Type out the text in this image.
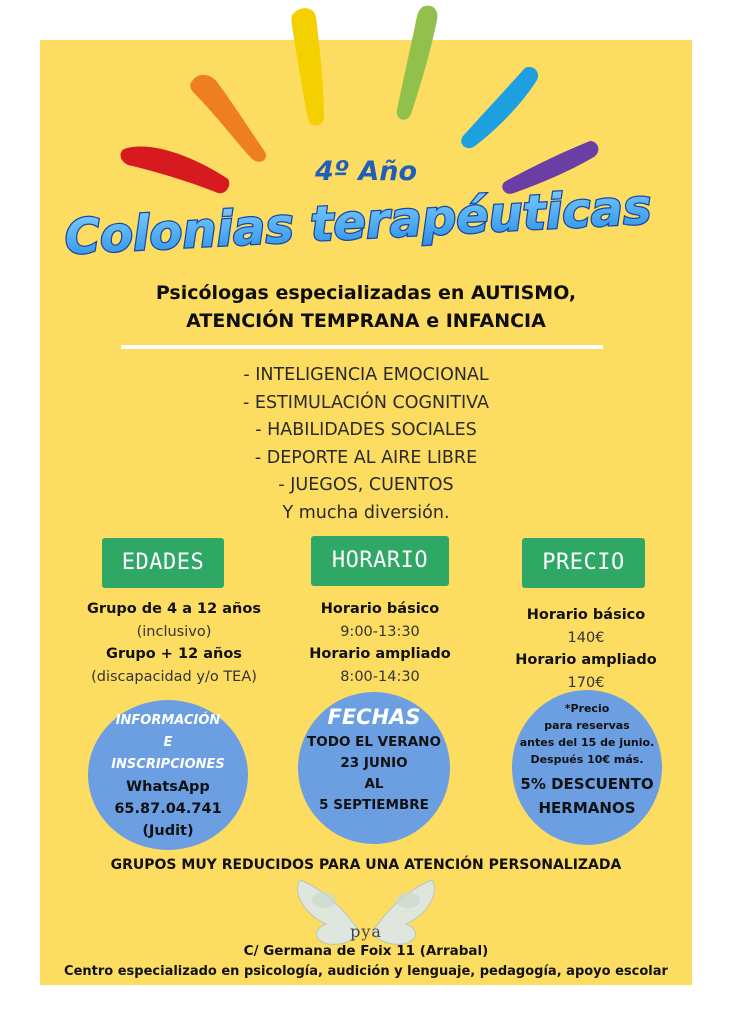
4º Año
Colonias terapéuticas
Psicólogas especializadas en AUTISMO,
ATENCIÓN TEMPRANA e INFANCIA
- INTELIGENCIA EMOCIONAL
- ESTIMULACIÓN COGNITIVA
- HABILIDADES SOCIALES
- DEPORTE AL AIRE LIBRE
- JUEGOS, CUENTOS
Y mucha diversión.
EDADES	HORARIO	PRECIO
Grupo de 4 a 12 años
(inclusivo)
Grupo + 12 años
(discapacidad y/o TEA)
Horario básico
9:00-13:30
Horario ampliado
8:00-14:30
Horario básico
140€
Horario ampliado
170€
INFORMACIÓN
E
INSCRIPCIONES
WhatsApp
65.87.04.741
(Judit)
FECHAS
TODO EL VERANO
23 JUNIO
AL
5 SEPTIEMBRE
*Precio
para reservas
antes del 15 de junio.
Después 10€ más.
5% DESCUENTO
HERMANOS
GRUPOS MUY REDUCIDOS PARA UNA ATENCIÓN PERSONALIZADA
pya
C/ Germana de Foix 11 (Arrabal)
Centro especializado en psicología, audición y lenguaje, pedagogía, apoyo escolar
